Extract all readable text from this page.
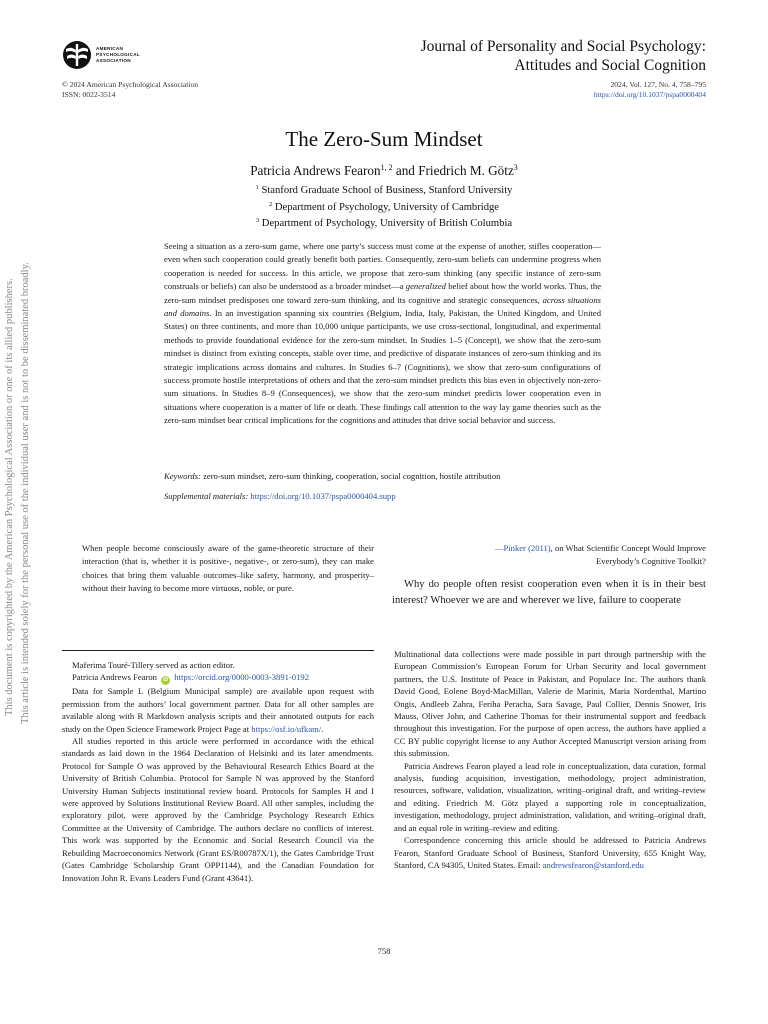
This document is copyrighted by the American Psychological Association or one of its allied publishers. This article is intended solely for the personal use of the individual user and is not to be disseminated broadly.
AMERICAN
PSYCHOLOGICAL
ASSOCIATION
Journal of Personality and Social Psychology:
Attitudes and Social Cognition
© 2024 American Psychological Association
ISSN: 0022-3514
2024, Vol. 127, No. 4, 758–795
https://doi.org/10.1037/pspa0000404
The Zero-Sum Mindset
Patricia Andrews Fearon$^{1, 2}$ and Friedrich M. Götz$^3$
$^1$ Stanford Graduate School of Business, Stanford University
$^2$ Department of Psychology, University of Cambridge
$^3$ Department of Psychology, University of British Columbia
Seeing a situation as a zero-sum game, where one party’s success must come at the expense of another, stifles cooperation—even when such cooperation could greatly benefit both parties. Consequently, zero-sum beliefs can undermine progress when cooperation is needed for success. In this article, we propose that zero-sum thinking (any specific instance of zero-sum construals or beliefs) can also be understood as a broader mindset—a generalized belief about how the world works. Thus, the zero-sum mindset predisposes one toward zero-sum thinking, and its cognitive and strategic consequences, across situations and domains. In an investigation spanning six countries (Belgium, India, Italy, Pakistan, the United Kingdom, and United States) on three continents, and more than 10,000 unique participants, we use cross-sectional, longitudinal, and experimental methods to provide foundational evidence for the zero-sum mindset. In Studies 1–5 (Concept), we show that the zero-sum mindset is distinct from existing concepts, stable over time, and predictive of disparate instances of zero-sum thinking and its strategic implications across domains and cultures. In Studies 6–7 (Cognitions), we show that zero-sum configurations of success promote hostile interpretations of others and that the zero-sum mindset predicts this bias even in objectively non-zero-sum situations. In Studies 8–9 (Consequences), we show that the zero-sum mindset predicts lower cooperation even in situations where cooperation is a matter of life or death. These findings call attention to the way lay game theories such as the zero-sum mindset bear critical implications for the cognitions and attitudes that drive social behavior and success.
Keywords: zero-sum mindset, zero-sum thinking, cooperation, social cognition, hostile attribution
Supplemental materials: https://doi.org/10.1037/pspa0000404.supp
When people become consciously aware of the game-theoretic structure of their interaction (that is, whether it is positive-, negative-, or zero-sum), they can make choices that bring them valuable outcomes–like safety, harmony, and prosperity–without their having to become more virtuous, noble, or pure.
—Pinker (2011), on What Scientific Concept Would Improve
Everybody’s Cognitive Toolkit?
Why do people often resist cooperation even when it is in their best interest? Whoever we are and wherever we live, failure to cooperate

Maferima Touré-Tillery served as action editor.

Patricia Andrews Fearon iD https://orcid.org/0000-0003-3891-0192

Data for Sample L (Belgium Municipal sample) are available upon request with permission from the authors’ local government partner. Data for all other samples are available along with R Markdown analysis scripts and their annotated outputs for each study on the Open Science Framework Project Page at https://osf.io/ufkam/.

All studies reported in this article were performed in accordance with the ethical standards as laid down in the 1964 Declaration of Helsinki and its later amendments. Protocol for Sample O was approved by the Behavioural Research Ethics Board at the University of British Columbia. Protocol for Sample N was approved by the Stanford University Human Subjects institutional review board. Protocols for Samples H and I were approved by Solutions Institutional Review Board. All other samples, including the exploratory pilot, were approved by the Cambridge Psychology Research Ethics Committee at the University of Cambridge. The authors declare no conflicts of interest. This work was supported by the Economic and Social Research Council via the Rebuilding Macroeconomics Network (Grant ES/R00787X/1), the Gates Cambridge Trust (Gates Cambridge Scholarship Grant OPP1144), and the Canadian Foundation for Innovation John R. Evans Leaders Fund (Grant 43641).

Multinational data collections were made possible in part through partnership with the European Commission’s European Forum for Urban Security and local government partners, the U.S. Institute of Peace in Pakistan, and Populace Inc. The authors thank David Good, Eolene Boyd-MacMillan, Valerie de Marinis, Maria Nordenthal, Martino Ongis, Andleeb Zahra, Feriha Peracha, Sara Savage, Paul Collier, Dennis Snower, Iris Mauss, Oliver John, and Catherine Thomas for their instrumental support and feedback throughout this investigation. For the purpose of open access, the authors have applied a CC BY public copyright license to any Author Accepted Manuscript version arising from this submission.

Patricia Andrews Fearon played a lead role in conceptualization, data curation, formal analysis, funding acquisition, investigation, methodology, project administration, resources, software, validation, visualization, writing–original draft, and writing–review and editing. Friedrich M. Götz played a supporting role in conceptualization, investigation, methodology, project administration, validation, and writing–original draft, and an equal role in writing–review and editing.

Correspondence concerning this article should be addressed to Patricia Andrews Fearon, Stanford Graduate School of Business, Stanford University, 655 Knight Way, Stanford, CA 94305, United States. Email: andrewsfearon@stanford.edu

758
